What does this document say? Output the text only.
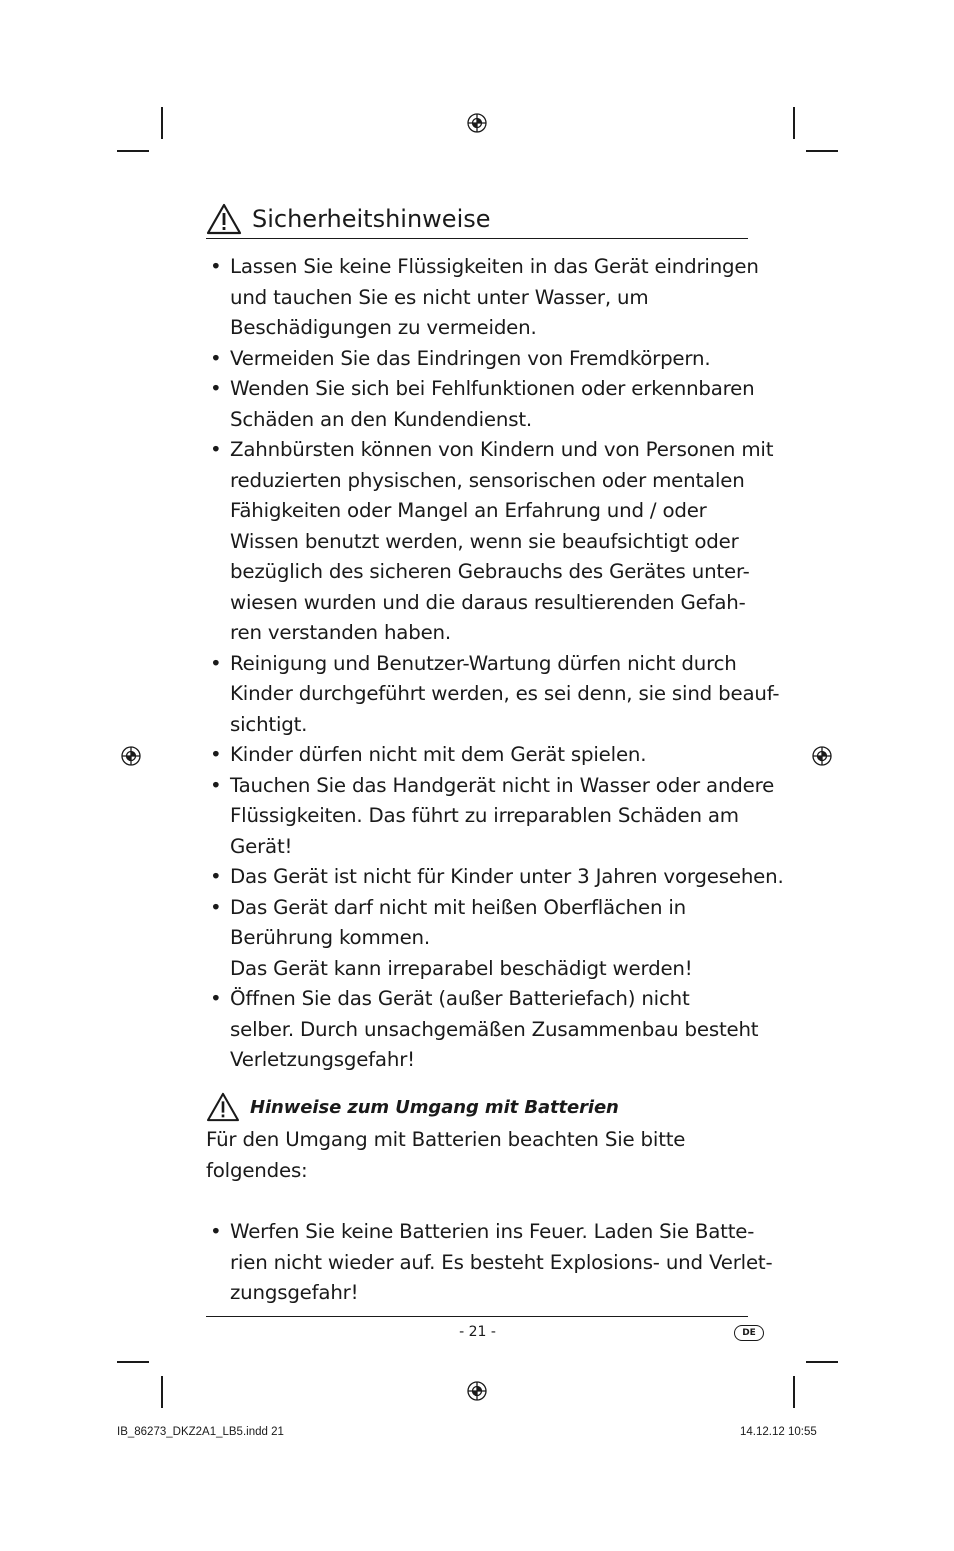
Sicherheitshinweise
• Lassen Sie keine Flüssigkeiten in das Gerät eindringen
und tauchen Sie es nicht unter Wasser, um
Beschädigungen zu vermeiden.
• Vermeiden Sie das Eindringen von Fremdkörpern.
• Wenden Sie sich bei Fehlfunktionen oder erkennbaren
Schäden an den Kundendienst.
• Zahnbürsten können von Kindern und von Personen mit
reduzierten physischen, sensorischen oder mentalen
Fähigkeiten oder Mangel an Erfahrung und / oder
Wissen benutzt werden, wenn sie beaufsichtigt oder
bezüglich des sicheren Gebrauchs des Gerätes unter-
wiesen wurden und die daraus resultierenden Gefah-
ren verstanden haben.
• Reinigung und Benutzer-Wartung dürfen nicht durch
Kinder durchgeführt werden, es sei denn, sie sind beauf-
sichtigt.
• Kinder dürfen nicht mit dem Gerät spielen.
• Tauchen Sie das Handgerät nicht in Wasser oder andere
Flüssigkeiten. Das führt zu irreparablen Schäden am
Gerät!
• Das Gerät ist nicht für Kinder unter 3 Jahren vorgesehen.
• Das Gerät darf nicht mit heißen Oberflächen in
Berührung kommen.
Das Gerät kann irreparabel beschädigt werden!
• Öffnen Sie das Gerät (außer Batteriefach) nicht
selber. Durch unsachgemäßen Zusammenbau besteht
Verletzungsgefahr!
Hinweise zum Umgang mit Batterien
Für den Umgang mit Batterien beachten Sie bitte
folgendes:
• Werfen Sie keine Batterien ins Feuer. Laden Sie Batte-
rien nicht wieder auf. Es besteht Explosions- und Verlet-
zungsgefahr!
- 21 -	DE
IB_86273_DKZ2A1_LB5.indd 21	14.12.12 10:55
